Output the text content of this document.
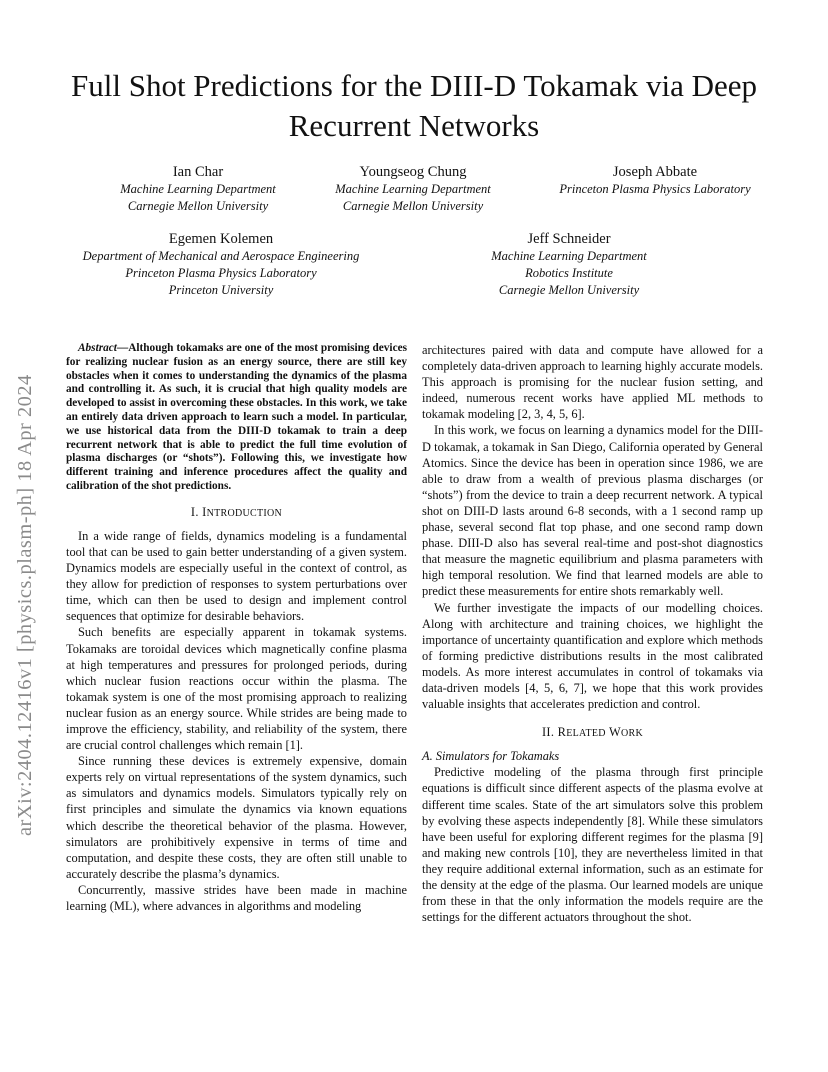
arXiv:2404.12416v1 [physics.plasm-ph] 18 Apr 2024
Full Shot Predictions for the DIII-D Tokamak via Deep Recurrent Networks
Ian Char
Machine Learning Department
Carnegie Mellon University
Youngseog Chung
Machine Learning Department
Carnegie Mellon University
Joseph Abbate
Princeton Plasma Physics Laboratory
Egemen Kolemen
Department of Mechanical and Aerospace Engineering
Princeton Plasma Physics Laboratory
Princeton University
Jeff Schneider
Machine Learning Department
Robotics Institute
Carnegie Mellon University

Abstract—Although tokamaks are one of the most promising devices for realizing nuclear fusion as an energy source, there are still key obstacles when it comes to understanding the dynamics of the plasma and controlling it. As such, it is crucial that high quality models are developed to assist in overcoming these obstacles. In this work, we take an entirely data driven approach to learn such a model. In particular, we use historical data from the DIII-D tokamak to train a deep recurrent network that is able to predict the full time evolution of plasma discharges (or “shots”). Following this, we investigate how different training and inference procedures affect the quality and calibration of the shot predictions.

I. INTRODUCTION

In a wide range of fields, dynamics modeling is a fundamental tool that can be used to gain better understanding of a given system. Dynamics models are especially useful in the context of control, as they allow for prediction of responses to system perturbations over time, which can then be used to design and implement control sequences that optimize for desirable behaviors.

Such benefits are especially apparent in tokamak systems. Tokamaks are toroidal devices which magnetically confine plasma at high temperatures and pressures for prolonged periods, during which nuclear fusion reactions occur within the plasma. The tokamak system is one of the most promising approach to realizing nuclear fusion as an energy source. While strides are being made to improve the efficiency, stability, and reliability of the system, there are crucial control challenges which remain [1].

Since running these devices is extremely expensive, domain experts rely on virtual representations of the system dynamics, such as simulators and dynamics models. Simulators typically rely on first principles and simulate the dynamics via known equations which describe the theoretical behavior of the plasma. However, simulators are prohibitively expensive in terms of time and computation, and despite these costs, they are often still unable to accurately describe the plasma’s dynamics.

Concurrently, massive strides have been made in machine learning (ML), where advances in algorithms and modeling

architectures paired with data and compute have allowed for a completely data-driven approach to learning highly accurate models. This approach is promising for the nuclear fusion setting, and indeed, numerous recent works have applied ML methods to tokamak modeling [2, 3, 4, 5, 6].

In this work, we focus on learning a dynamics model for the DIII-D tokamak, a tokamak in San Diego, California operated by General Atomics. Since the device has been in operation since 1986, we are able to draw from a wealth of previous plasma discharges (or “shots”) from the device to train a deep recurrent network. A typical shot on DIII-D lasts around 6-8 seconds, with a 1 second ramp up phase, several second flat top phase, and one second ramp down phase. DIII-D also has several real-time and post-shot diagnostics that measure the magnetic equilibrium and plasma parameters with high temporal resolution. We find that learned models are able to predict these measurements for entire shots remarkably well.

We further investigate the impacts of our modelling choices. Along with architecture and training choices, we highlight the importance of uncertainty quantification and explore which methods of forming predictive distributions results in the most calibrated models. As more interest accumulates in control of tokamaks via data-driven models [4, 5, 6, 7], we hope that this work provides valuable insights that accelerates prediction and control.

II. RELATED WORK

A. Simulators for Tokamaks

Predictive modeling of the plasma through first principle equations is difficult since different aspects of the plasma evolve at different time scales. State of the art simulators solve this problem by evolving these aspects independently [8]. While these simulators have been useful for exploring different regimes for the plasma [9] and making new controls [10], they are nevertheless limited in that they require additional external information, such as an estimate for the density at the edge of the plasma. Our learned models are unique from these in that the only information the models require are the settings for the different actuators throughout the shot.
